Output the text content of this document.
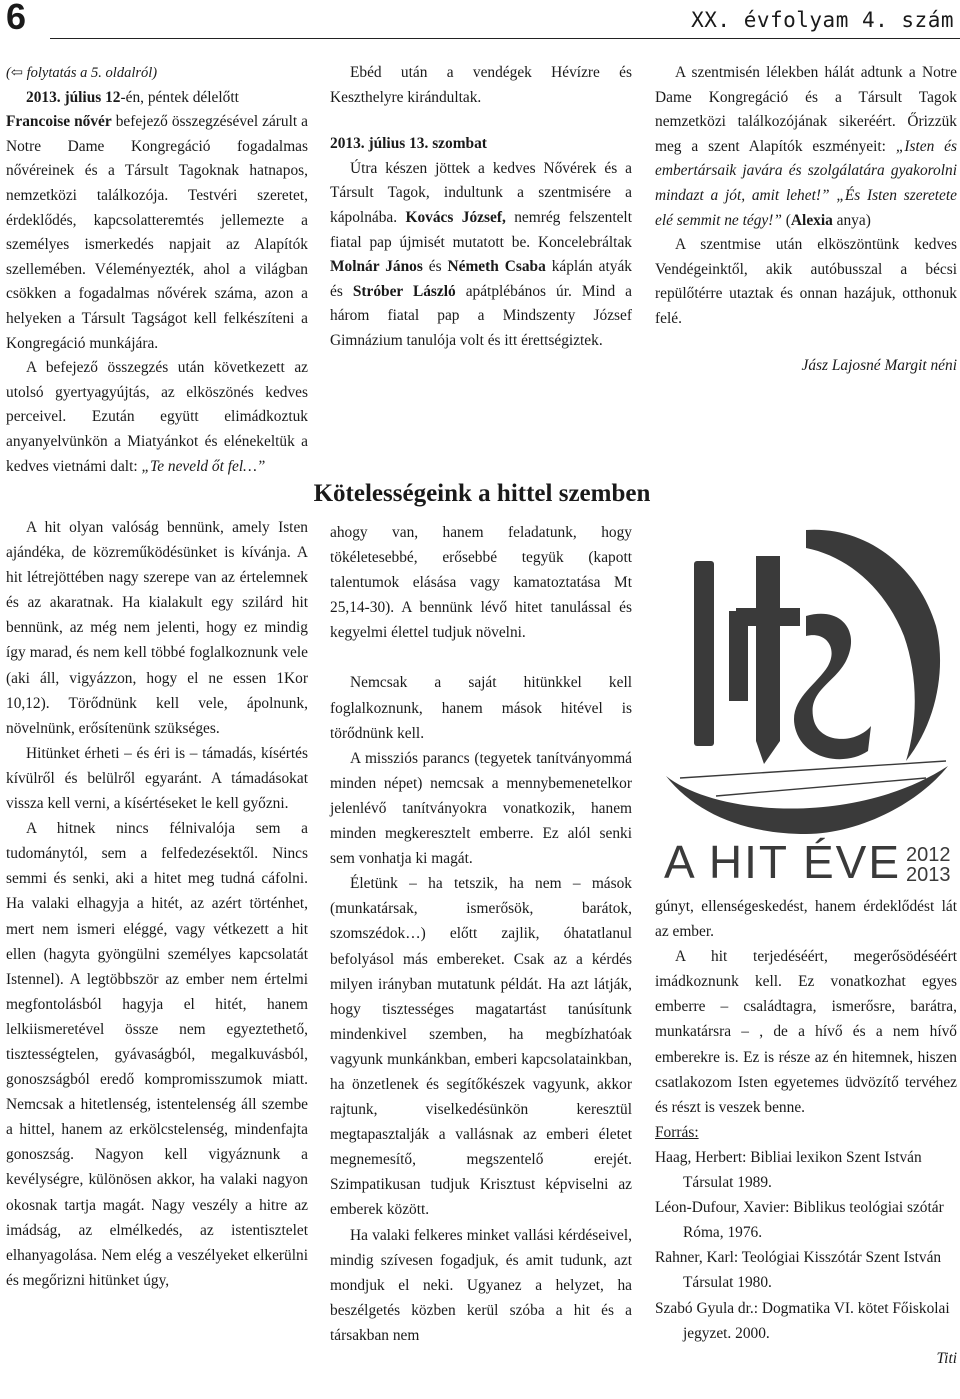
6	XX. évfolyam 4. szám

(⇦ folytatás a 5. oldalról)

2013. július 12-én, péntek délelőtt
Francoise nővér befejező összegzésével zárult a Notre Dame Kongregáció fogadalmas nővéreinek és a Társult Tagoknak hatnapos, nemzetközi találkozója. Testvéri szeretet, érdeklődés, kapcsolatteremtés jellemezte a személyes ismerkedés napjait az Alapítók szellemében. Véleményezték, ahol a világban csökken a fogadalmas nővérek száma, azon a helyeken a Társult Tagságot kell felkészíteni a Kongregáció munkájára.

A befejező összegzés után következett az utolsó gyertyagyújtás, az elköszönés kedves perceivel. Ezután együtt elimádkoztuk anyanyelvünkön a Miatyánkot és elénekeltük a kedves vietnámi dalt: „Te neveld őt fel…”

Kötelességeink a hittel szemben
A HIT ÉVE 2012
2013

A hit olyan valóság bennünk, amely Isten ajándéka, de közreműködésünket is kívánja. A hit létrejöttében nagy szerepe van az értelemnek és az akaratnak. Ha kialakult egy szilárd hit bennünk, az még nem jelenti, hogy ez mindig így marad, és nem kell többé foglalkoznunk vele (aki áll, vigyázzon, hogy el ne essen 1Kor 10,12). Törődnünk kell vele, ápolnunk, növelnünk, erősítenünk szükséges.

Hitünket érheti – és éri is – támadás, kísértés kívülről és belülről egyaránt. A támadásokat vissza kell verni, a kísértéseket le kell győzni.

A hitnek nincs félnivalója sem a tudománytól, sem a felfedezésektől. Nincs semmi és senki, aki a hitet meg tudná cáfolni. Ha valaki elhagyja a hitét, az azért történhet, mert nem ismeri eléggé, vagy vétkezett a hit ellen (hagyta gyöngülni személyes kapcsolatát Istennel). A legtöbbször az ember nem értelmi megfontolásból hagyja el hitét, hanem lelkiismeretével össze nem egyeztethető, tisztességtelen, gyávaságból, megalkuvásból, gonoszságból eredő kompromisszumok miatt. Nemcsak a hitetlenség, istentelenség áll szembe a hittel, hanem az erkölcstelenség, mindenfajta gonoszság. Nagyon kell vigyáznunk a kevélységre, különösen akkor, ha valaki nagyon okosnak tartja magát. Nagy veszély a hitre az imádság, az elmélkedés, az istentisztelet elhanyagolása. Nem elég a veszélyeket elkerülni és megőrizni hitünket úgy,

ahogy van, hanem feladatunk, hogy tökéletesebbé, erősebbé tegyük (kapott talentumok elásása vagy kamatoztatása Mt 25,14-30). A bennünk lévő hitet tanulással és kegyelmi élettel tudjuk növelni.

Nemcsak a saját hitünkkel kell foglalkoznunk, hanem mások hitével is törődnünk kell.

A missziós parancs (tegyetek tanítványommá minden népet) nemcsak a mennybemenetelkor jelenlévő tanítványokra vonatkozik, hanem minden megkeresztelt emberre. Ez alól senki sem vonhatja ki magát.

Életünk – ha tetszik, ha nem – mások (munkatársak, ismerősök, barátok, szomszédok…) előtt zajlik, óhatatlanul befolyásol más embereket. Csak az a kérdés milyen irányban mutatunk példát. Ha azt látják, hogy tisztességes magatartást tanúsítunk mindenkivel szemben, ha megbízhatóak vagyunk munkánkban, emberi kapcsolatainkban, ha önzetlenek és segítőkészek vagyunk, akkor rajtunk, viselkedésünkön keresztül megtapasztalják a vallásnak az emberi életet megnemesítő, megszentelő erejét. Szimpatikusan tudjuk Krisztust képviselni az emberek között.

Ha valaki felkeres minket vallási kérdéseivel, mindig szívesen fogadjuk, és amit tudunk, azt mondjuk el neki. Ugyanez a helyzet, ha beszélgetés közben kerül szóba a hit és a társakban nem

gúnyt, ellenségeskedést, hanem érdeklődést lát az ember.

A hit terjedéséért, megerősödéséért imádkoznunk kell. Ez vonatkozhat egyes emberre – családtagra, ismerősre, barátra, munkatársra – , de a hívő és a nem hívő emberekre is. Ez is része az én hitemnek, hiszen csatlakozom Isten egyetemes üdvözítő tervéhez és részt is veszek benne.

Forrás:

Haag, Herbert: Bibliai lexikon Szent István Társulat 1989.

Léon-Dufour, Xavier: Biblikus teológiai szótár Róma, 1976.

Rahner, Karl: Teológiai Kisszótár Szent István Társulat 1980.

Szabó Gyula dr.: Dogmatika VI. kötet Főiskolai jegyzet. 2000.

Titi

Ebéd után a vendégek Hévízre és Keszthelyre kirándultak.

2013. július 13. szombat

Útra készen jöttek a kedves Nővérek és a Társult Tagok, indultunk a szentmisére a kápolnába. Kovács József, nemrég felszentelt fiatal pap újmisét mutatott be. Koncelebráltak Molnár János és Németh Csaba káplán atyák és Stróber László apátplébános úr. Mind a három fiatal pap a Mindszenty József Gimnázium tanulója volt és itt érettségiztek.

A szentmisén lélekben hálát adtunk a Notre Dame Kongregáció és a Társult Tagok nemzetközi találkozójának sikeréért. Őrizzük meg a szent Alapítók eszményeit: „Isten és embertársaik javára és szolgálatára gyakorolni mindazt a jót, amit lehet!” „És Isten szeretete elé semmit ne tégy!” (Alexia anya)

A szentmise után elköszöntünk kedves Vendégeinktől, akik autóbusszal a bécsi repülőtérre utaztak és onnan hazájuk, otthonuk felé.

Jász Lajosné Margit néni
